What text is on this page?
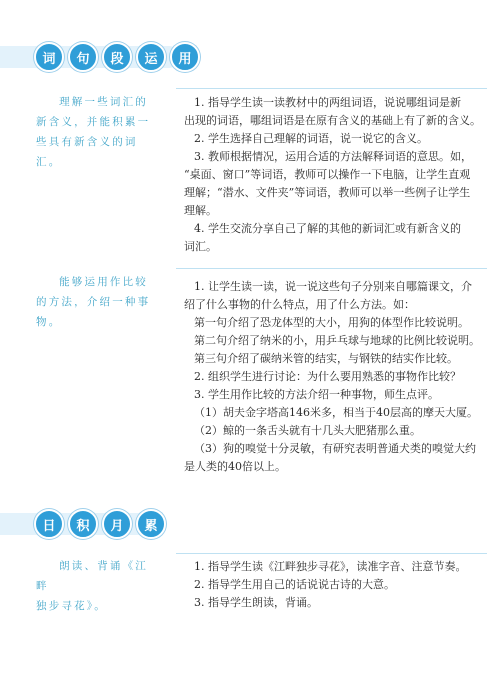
词	句	段	运	用
理解一些词汇的
新含义，并能积累一
些具有新含义的词汇。
1. 指导学生读一读教材中的两组词语，说说哪组词是新
出现的词语，哪组词语是在原有含义的基础上有了新的含义。
2. 学生选择自己理解的词语，说一说它的含义。
3. 教师根据情况，运用合适的方法解释词语的意思。如，
“桌面、窗口”等词语，教师可以操作一下电脑，让学生直观
理解；“潜水、文件夹”等词语，教师可以举一些例子让学生
理解。
4. 学生交流分享自己了解的其他的新词汇或有新含义的
词汇。
能够运用作比较
的方法，介绍一种事
物。
1. 让学生读一读，说一说这些句子分别来自哪篇课文，介
绍了什么事物的什么特点，用了什么方法。如：
第一句介绍了恐龙体型的大小，用狗的体型作比较说明。
第二句介绍了纳米的小，用乒乓球与地球的比例比较说明。
第三句介绍了碳纳米管的结实，与钢铁的结实作比较。
2. 组织学生进行讨论：为什么要用熟悉的事物作比较？
3. 学生用作比较的方法介绍一种事物，师生点评。
（1）胡夫金字塔高146米多，相当于40层高的摩天大厦。
（2）鲸的一条舌头就有十几头大肥猪那么重。
（3）狗的嗅觉十分灵敏，有研究表明普通犬类的嗅觉大约
是人类的40倍以上。
日	积	月	累
朗读、背诵《江畔
独步寻花》。
1. 指导学生读《江畔独步寻花》，读准字音、注意节奏。
2. 指导学生用自己的话说说古诗的大意。
3. 指导学生朗读，背诵。
